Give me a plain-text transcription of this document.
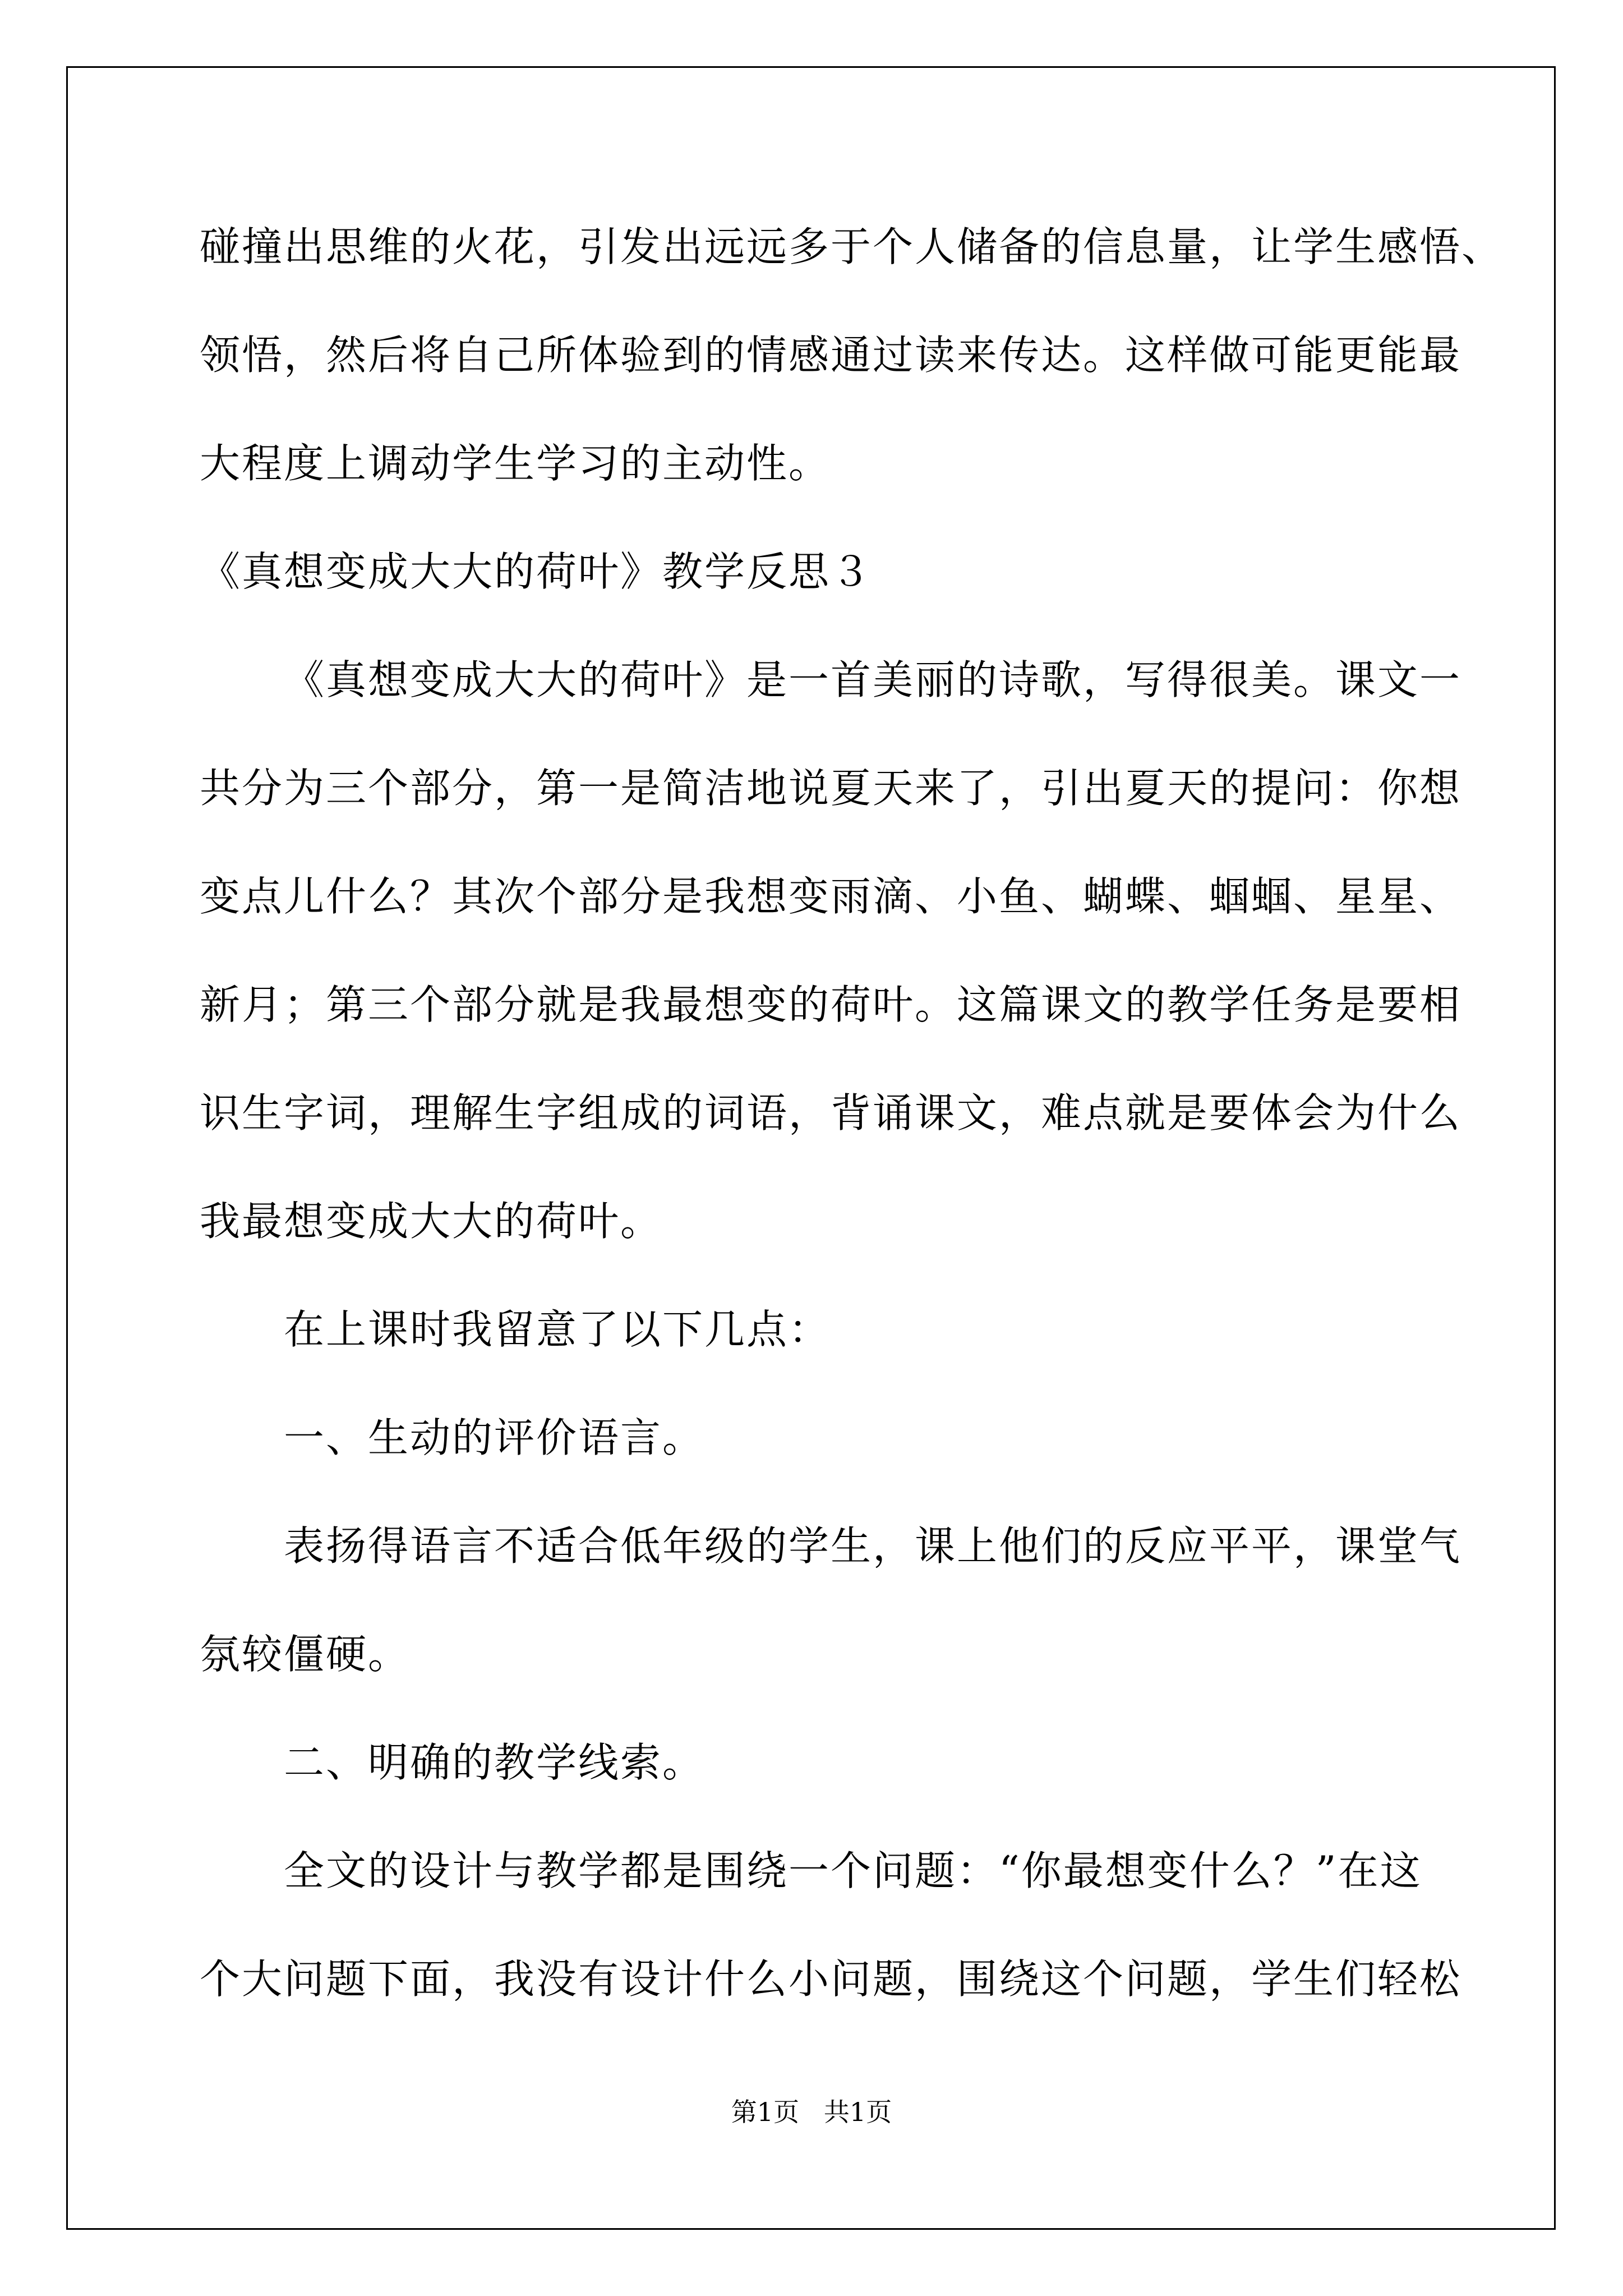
碰撞出思维的火花，引发出远远多于个人储备的信息量，让学生感悟、

领悟，然后将自己所体验到的情感通过读来传达。这样做可能更能最

大程度上调动学生学习的主动性。

《真想变成大大的荷叶》教学反思３

《真想变成大大的荷叶》是一首美丽的诗歌，写得很美。课文一

共分为三个部分，第一是简洁地说夏天来了，引出夏天的提问：你想

变点儿什么？其次个部分是我想变雨滴、小鱼、蝴蝶、蝈蝈、星星、

新月；第三个部分就是我最想变的荷叶。这篇课文的教学任务是要相

识生字词，理解生字组成的词语，背诵课文，难点就是要体会为什么

我最想变成大大的荷叶。

在上课时我留意了以下几点：

一、生动的评价语言。

表扬得语言不适合低年级的学生，课上他们的反应平平，课堂气

氛较僵硬。

二、明确的教学线索。

全文的设计与教学都是围绕一个问题：“你最想变什么？”在这

个大问题下面，我没有设计什么小问题，围绕这个问题，学生们轻松

第1页   共1页
